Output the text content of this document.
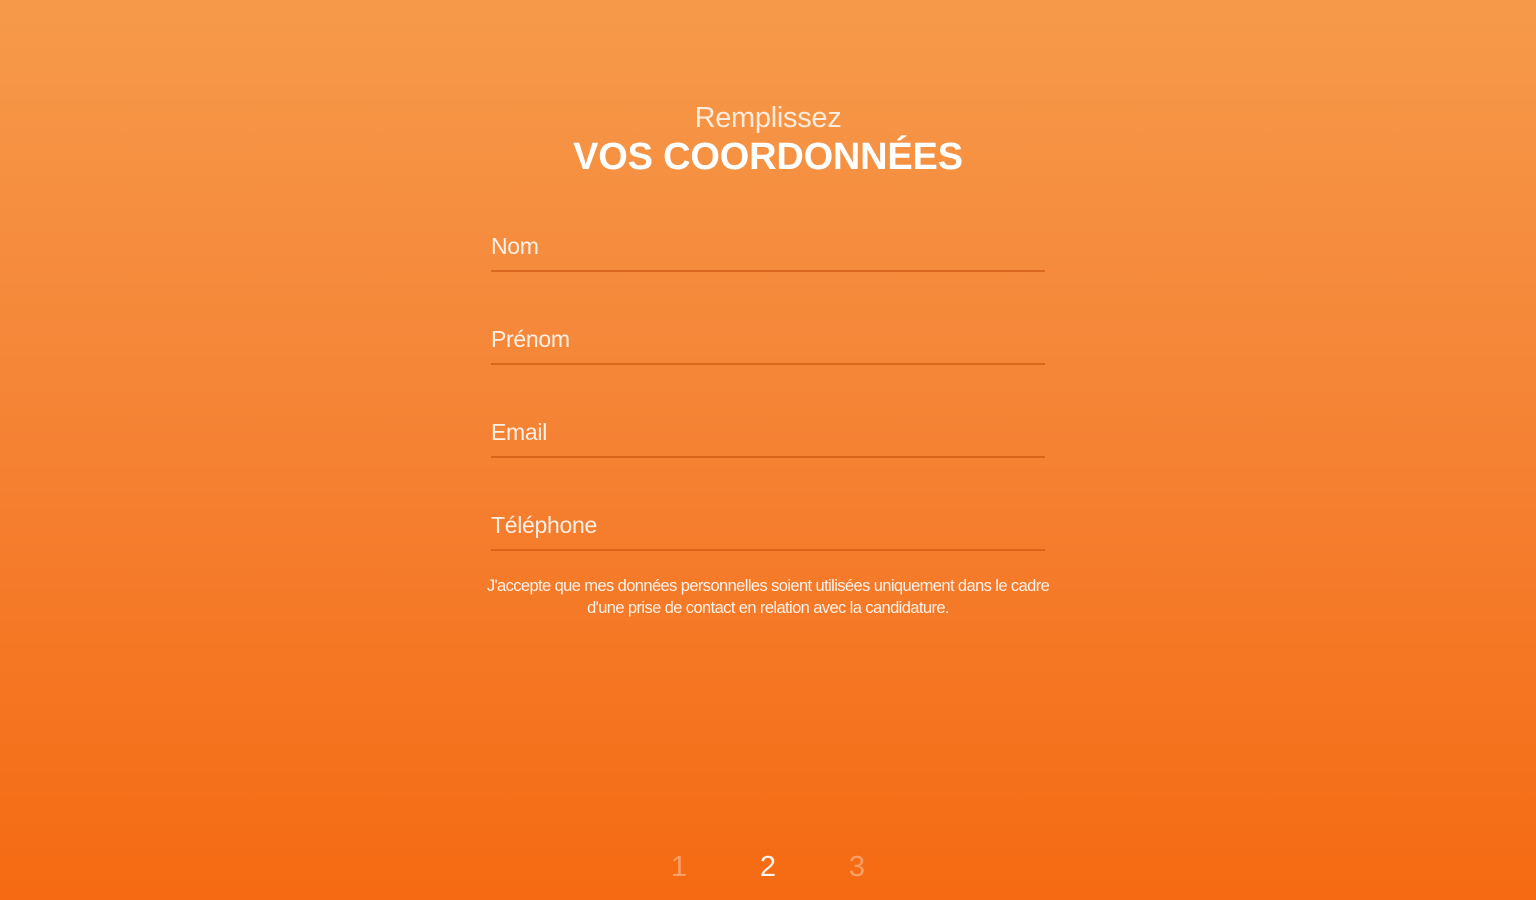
Remplissez
VOS COORDONNÉES
Nom
Prénom
Email
Téléphone
J'accepte que mes données personnelles soient utilisées uniquement dans le cadre d'une prise de contact en relation avec la candidature.
1	2	3
